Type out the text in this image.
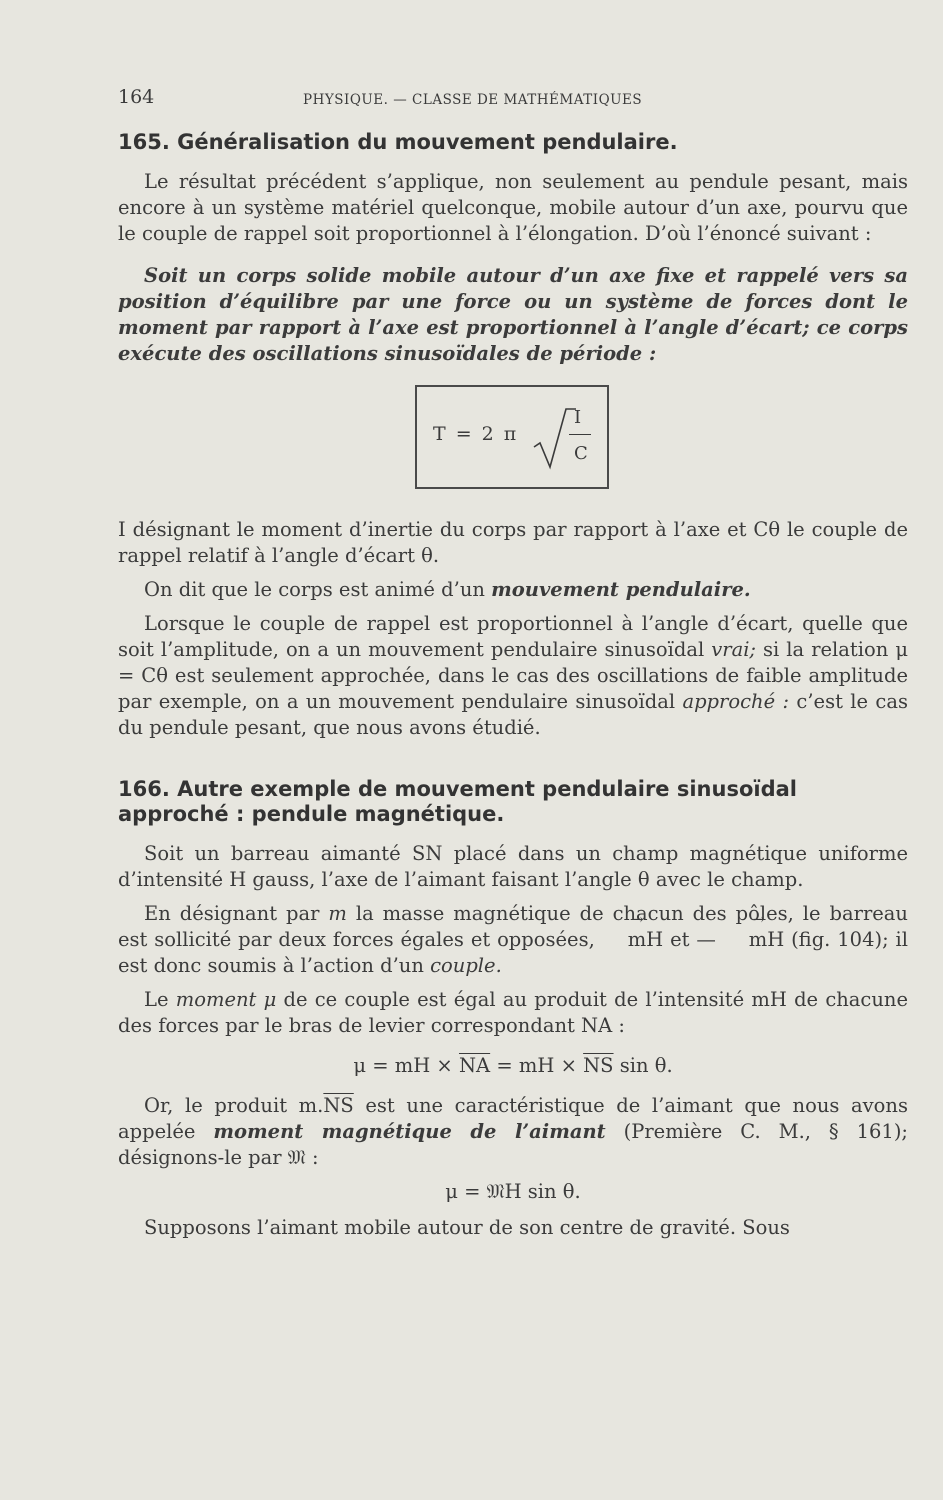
164	PHYSIQUE. — CLASSE DE MATHÉMATIQUES
165. Généralisation du mouvement pendulaire.

Le résultat précédent s’applique, non seulement au pendule pesant, mais encore à un système matériel quelconque, mobile autour d’un axe, pourvu que le couple de rappel soit proportionnel à l’élongation. D’où l’énoncé suivant :

Soit un corps solide mobile autour d’un axe fixe et rappelé vers sa position d’équilibre par une force ou un système de forces dont le moment par rapport à l’axe est proportionnel à l’angle d’écart; ce corps exécute des oscillations sinusoïdales de période :

T = 2 π
I
C

I désignant le moment d’inertie du corps par rapport à l’axe et Cθ le couple de rappel relatif à l’angle d’écart θ.

On dit que le corps est animé d’un mouvement pendulaire.

Lorsque le couple de rappel est proportionnel à l’angle d’écart, quelle que soit l’amplitude, on a un mouvement pendulaire sinusoïdal vrai; si la relation μ = Cθ est seulement approchée, dans le cas des oscillations de faible amplitude par exemple, on a un mouvement pendulaire sinusoïdal approché : c’est le cas du pendule pesant, que nous avons étudié.

166. Autre exemple de mouvement pendulaire sinusoïdal approché : pendule magnétique.

Soit un barreau aimanté SN placé dans un champ magnétique uniforme d’intensité H gauss, l’axe de l’aimant faisant l’angle θ avec le champ.

En désignant par m la masse magnétique de chacun des pôles, le barreau est sollicité par deux forces égales et opposées, → mH et — → mH (fig. 104); il est donc soumis à l’action d’un couple.

Le moment μ de ce couple est égal au produit de l’intensité mH de chacune des forces par le bras de levier correspondant NA :

μ = mH × $\overline{NA}$ = mH × $\overline{NS}$ sin θ.

Or, le produit $m.\overline{NS}$ est une caractéristique de l’aimant que nous avons appelée moment magnétique de l’aimant (Première C. M., § 161); désignons-le par 𝔐 :

μ = 𝔐H sin θ.

Supposons l’aimant mobile autour de son centre de gravité. Sous
